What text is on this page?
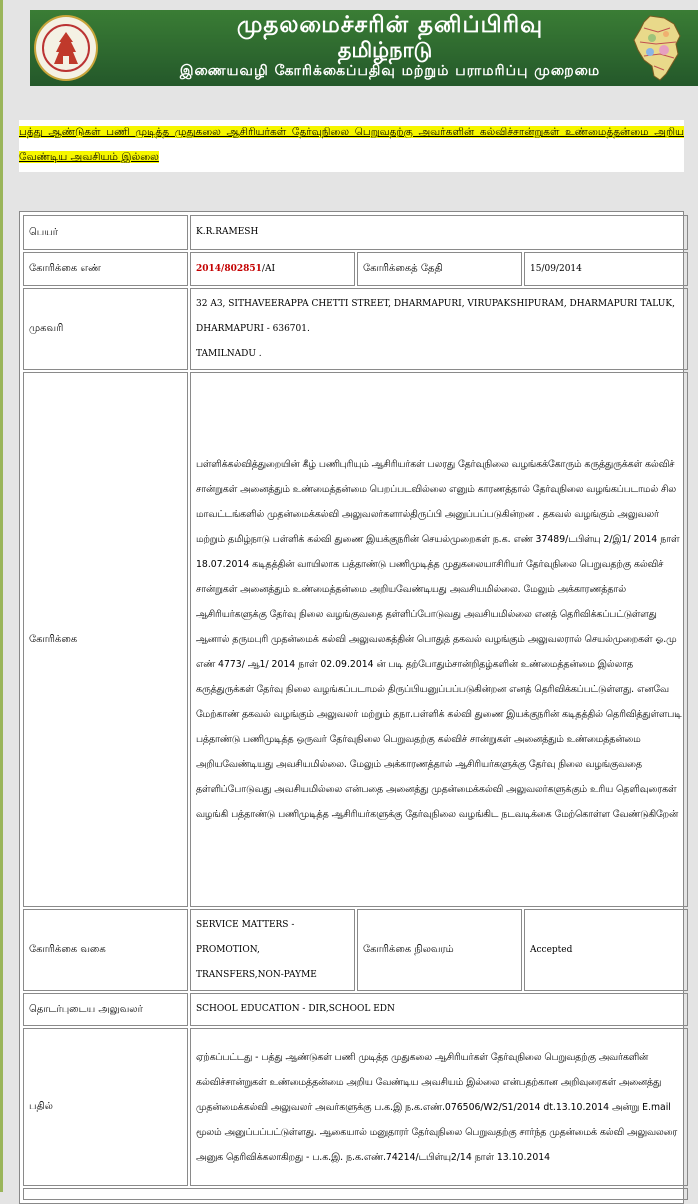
முதலமைச்சரின் தனிப்பிரிவு
தமிழ்நாடு
இணையவழி கோரிக்கைப்பதிவு மற்றும் பராமரிப்பு முறைமை

பத்து ஆண்டுகள் பணி முடித்த முதுகலை ஆசிரியர்கள் தேர்வுநிலை பெறுவதற்கு அவர்களின் கல்விச்சான்றுகள் உண்மைத்தன்மை அறிய வேண்டிய அவசியம் இல்லை

பெயர்	K.R.RAMESH		
கோரிக்கை எண்	2014/802851/AI	கோரிக்கைத் தேதி	15/09/2014
முகவரி	32 A3, SITHAVEERAPPA CHETTI STREET, DHARMAPURI, VIRUPAKSHIPURAM, DHARMAPURI TALUK,
DHARMAPURI - 636701.
TAMILNADU .		

கோரிக்கை	பள்ளிக்கல்வித்துறையின் கீழ் பணிபுரியும் ஆசிரியர்கள் பலரது தேர்வுநிலை வழங்கக்கோரும் கருத்துருக்கள் கல்விச் சான்றுகள் அனைத்தும் உண்மைத்தன்மை பெறப்படவில்லை எனும் காரணத்தால் தேர்வுநிலை வழங்கப்படாமல் சில மாவட்டங்களில் முதன்மைக்கல்வி அலுவலர்களால்திருப்பி அனுப்பப்படுகின்றன . தகவல் வழங்கும் அலுவலர் மற்றும் தமிழ்நாடு பள்ளிக் கல்வி துணை இயக்குநரின் செயல்முறைகள் ந.க. எண் 37489/டபிள்யு 2/இ1/ 2014 நாள் 18.07.2014 கடிதத்தின் வாயிலாக பத்தாண்டு பணிமுடித்த முதுகலையாசிரியர் தேர்வுநிலை பெறுவதற்கு கல்விச் சான்றுகள் அனைத்தும் உண்மைத்தன்மை அறியவேண்டியது அவசியமில்லை. மேலும் அக்காரணத்தால் ஆசிரியர்களுக்கு தேர்வு நிலை வழங்குவதை தள்ளிப்போடுவது அவசியமில்லை எனத் தெரிவிக்கப்பட்டுள்ளது ஆனால் தருமபுரி முதன்மைக் கல்வி அலுவலகத்தின் பொதுத் தகவல் வழங்கும் அலுவலரால் செயல்முறைகள் ஓ.மு எண் 4773/ ஆ1/ 2014 நாள் 02.09.2014 ன் படி தற்போதும்சான்றிதழ்களின் உண்மைத்தன்மை இல்லாத கருத்துருக்கள் தேர்வு நிலை வழங்கப்படாமல் திருப்பியனுப்பப்படுகின்றன எனத் தெரிவிக்கப்பட்டுள்ளது. எனவே மேற்காண் தகவல் வழங்கும் அலுவலர் மற்றும் தநா.பள்ளிக் கல்வி துணை இயக்குநரின் கடிதத்தில் தெரிவித்துள்ளபடி பத்தாண்டு பணிமுடித்த ஒருவர் தேர்வுநிலை பெறுவதற்கு கல்விச் சான்றுகள் அனைத்தும் உண்மைத்தன்மை அறியவேண்டியது அவசியமில்லை. மேலும் அக்காரணத்தால் ஆசிரியர்களுக்கு தேர்வு நிலை வழங்குவதை தள்ளிப்போடுவது அவசியமில்லை என்பதை அனைத்து முதன்மைக்கல்வி அலுவலர்களுக்கும் உரிய தெளிவுரைகள் வழங்கி பத்தாண்டு பணிமுடித்த ஆசிரியர்களுக்கு தேர்வுநிலை வழங்கிட நடவடிக்கை மேற்கொள்ள வேண்டுகிறேன்		
கோரிக்கை வகை	SERVICE MATTERS - PROMOTION, TRANSFERS,NON-PAYME	கோரிக்கை நிலவரம்	Accepted
தொடர்புடைய அலுவலர்	SCHOOL EDUCATION - DIR,SCHOOL EDN		
பதில்	ஏற்கப்பட்டது - பத்து ஆண்டுகள் பணி முடித்த முதுகலை ஆசிரியர்கள் தேர்வுநிலை பெறுவதற்கு அவர்களின் கல்விச்சான்றுகள் உண்மைத்தன்மை அறிய வேண்டிய அவசியம் இல்லை என்பதற்கான அறிவுரைகள் அனைத்து முதன்மைக்கல்வி அலுவலர் அவர்களுக்கு ப.க.இ ந.க.எண்.076506/W2/S1/2014 dt.13.10.2014 அன்று E.mail மூலம் அனுப்பப்பட்டுள்ளது. ஆகையால் மனுதாரர் தேர்வுநிலை பெறுவதற்கு சார்ந்த முதன்மைக் கல்வி அலுவலரை அனுக தெரிவிக்கலாகிறது - ப.க.இ. ந.க.எண்.74214/டபிள்யு2/14 நாள் 13.10.2014		
